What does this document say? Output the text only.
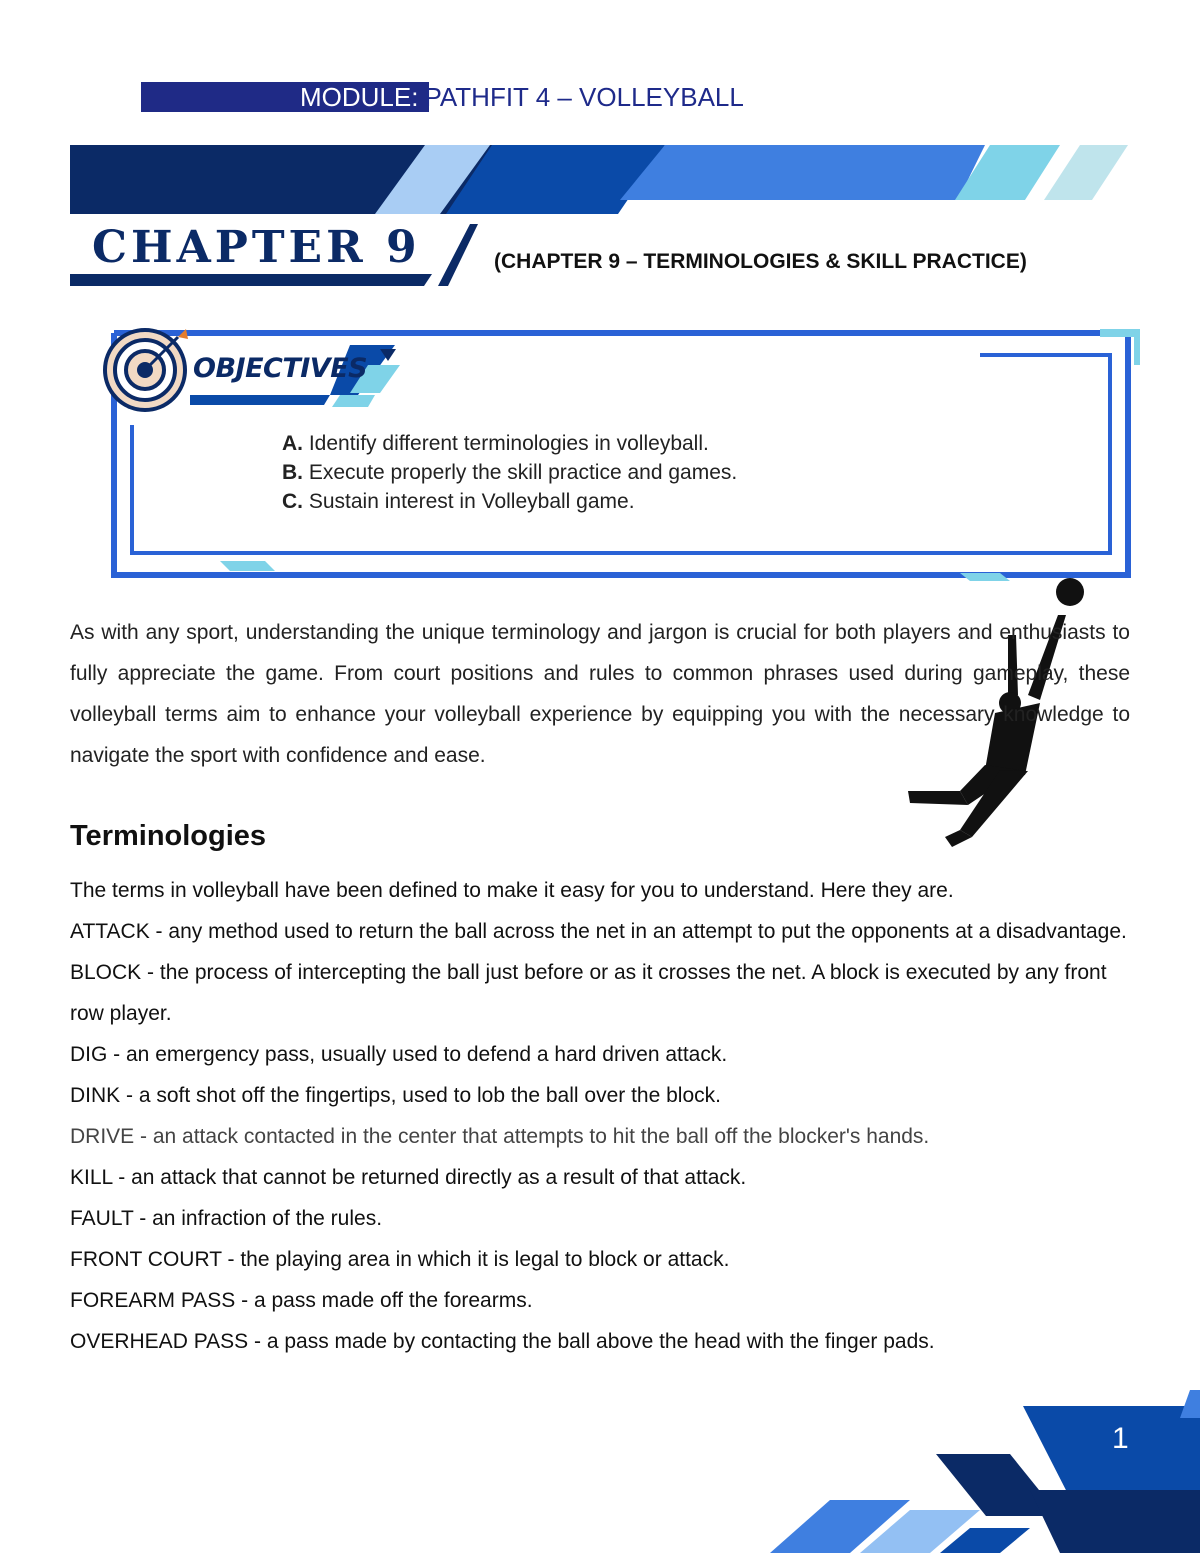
MODULE: PATHFIT 4 – VOLLEYBALL
CHAPTER 9	(CHAPTER 9 – TERMINOLOGIES & SKILL PRACTICE)
OBJECTIVES
A. Identify different terminologies in volleyball.
B. Execute properly the skill practice and games.
C. Sustain interest in Volleyball game.
As with any sport, understanding the unique terminology and jargon is crucial for both players and enthusiasts to fully appreciate the game. From court positions and rules to common phrases used during gameplay, these volleyball terms aim to enhance your volleyball experience by equipping you with the necessary knowledge to navigate the sport with confidence and ease.
Terminologies
The terms in volleyball have been defined to make it easy for you to understand. Here they are.
ATTACK - any method used to return the ball across the net in an attempt to put the opponents at a disadvantage.
BLOCK - the process of intercepting the ball just before or as it crosses the net. A block is executed by any front row player.
DIG - an emergency pass, usually used to defend a hard driven attack.
DINK - a soft shot off the fingertips, used to lob the ball over the block.
DRIVE - an attack contacted in the center that attempts to hit the ball off the blocker's hands.
KILL - an attack that cannot be returned directly as a result of that attack.
FAULT - an infraction of the rules.
FRONT COURT - the playing area in which it is legal to block or attack.
FOREARM PASS - a pass made off the forearms.
OVERHEAD PASS - a pass made by contacting the ball above the head with the finger pads.
1
